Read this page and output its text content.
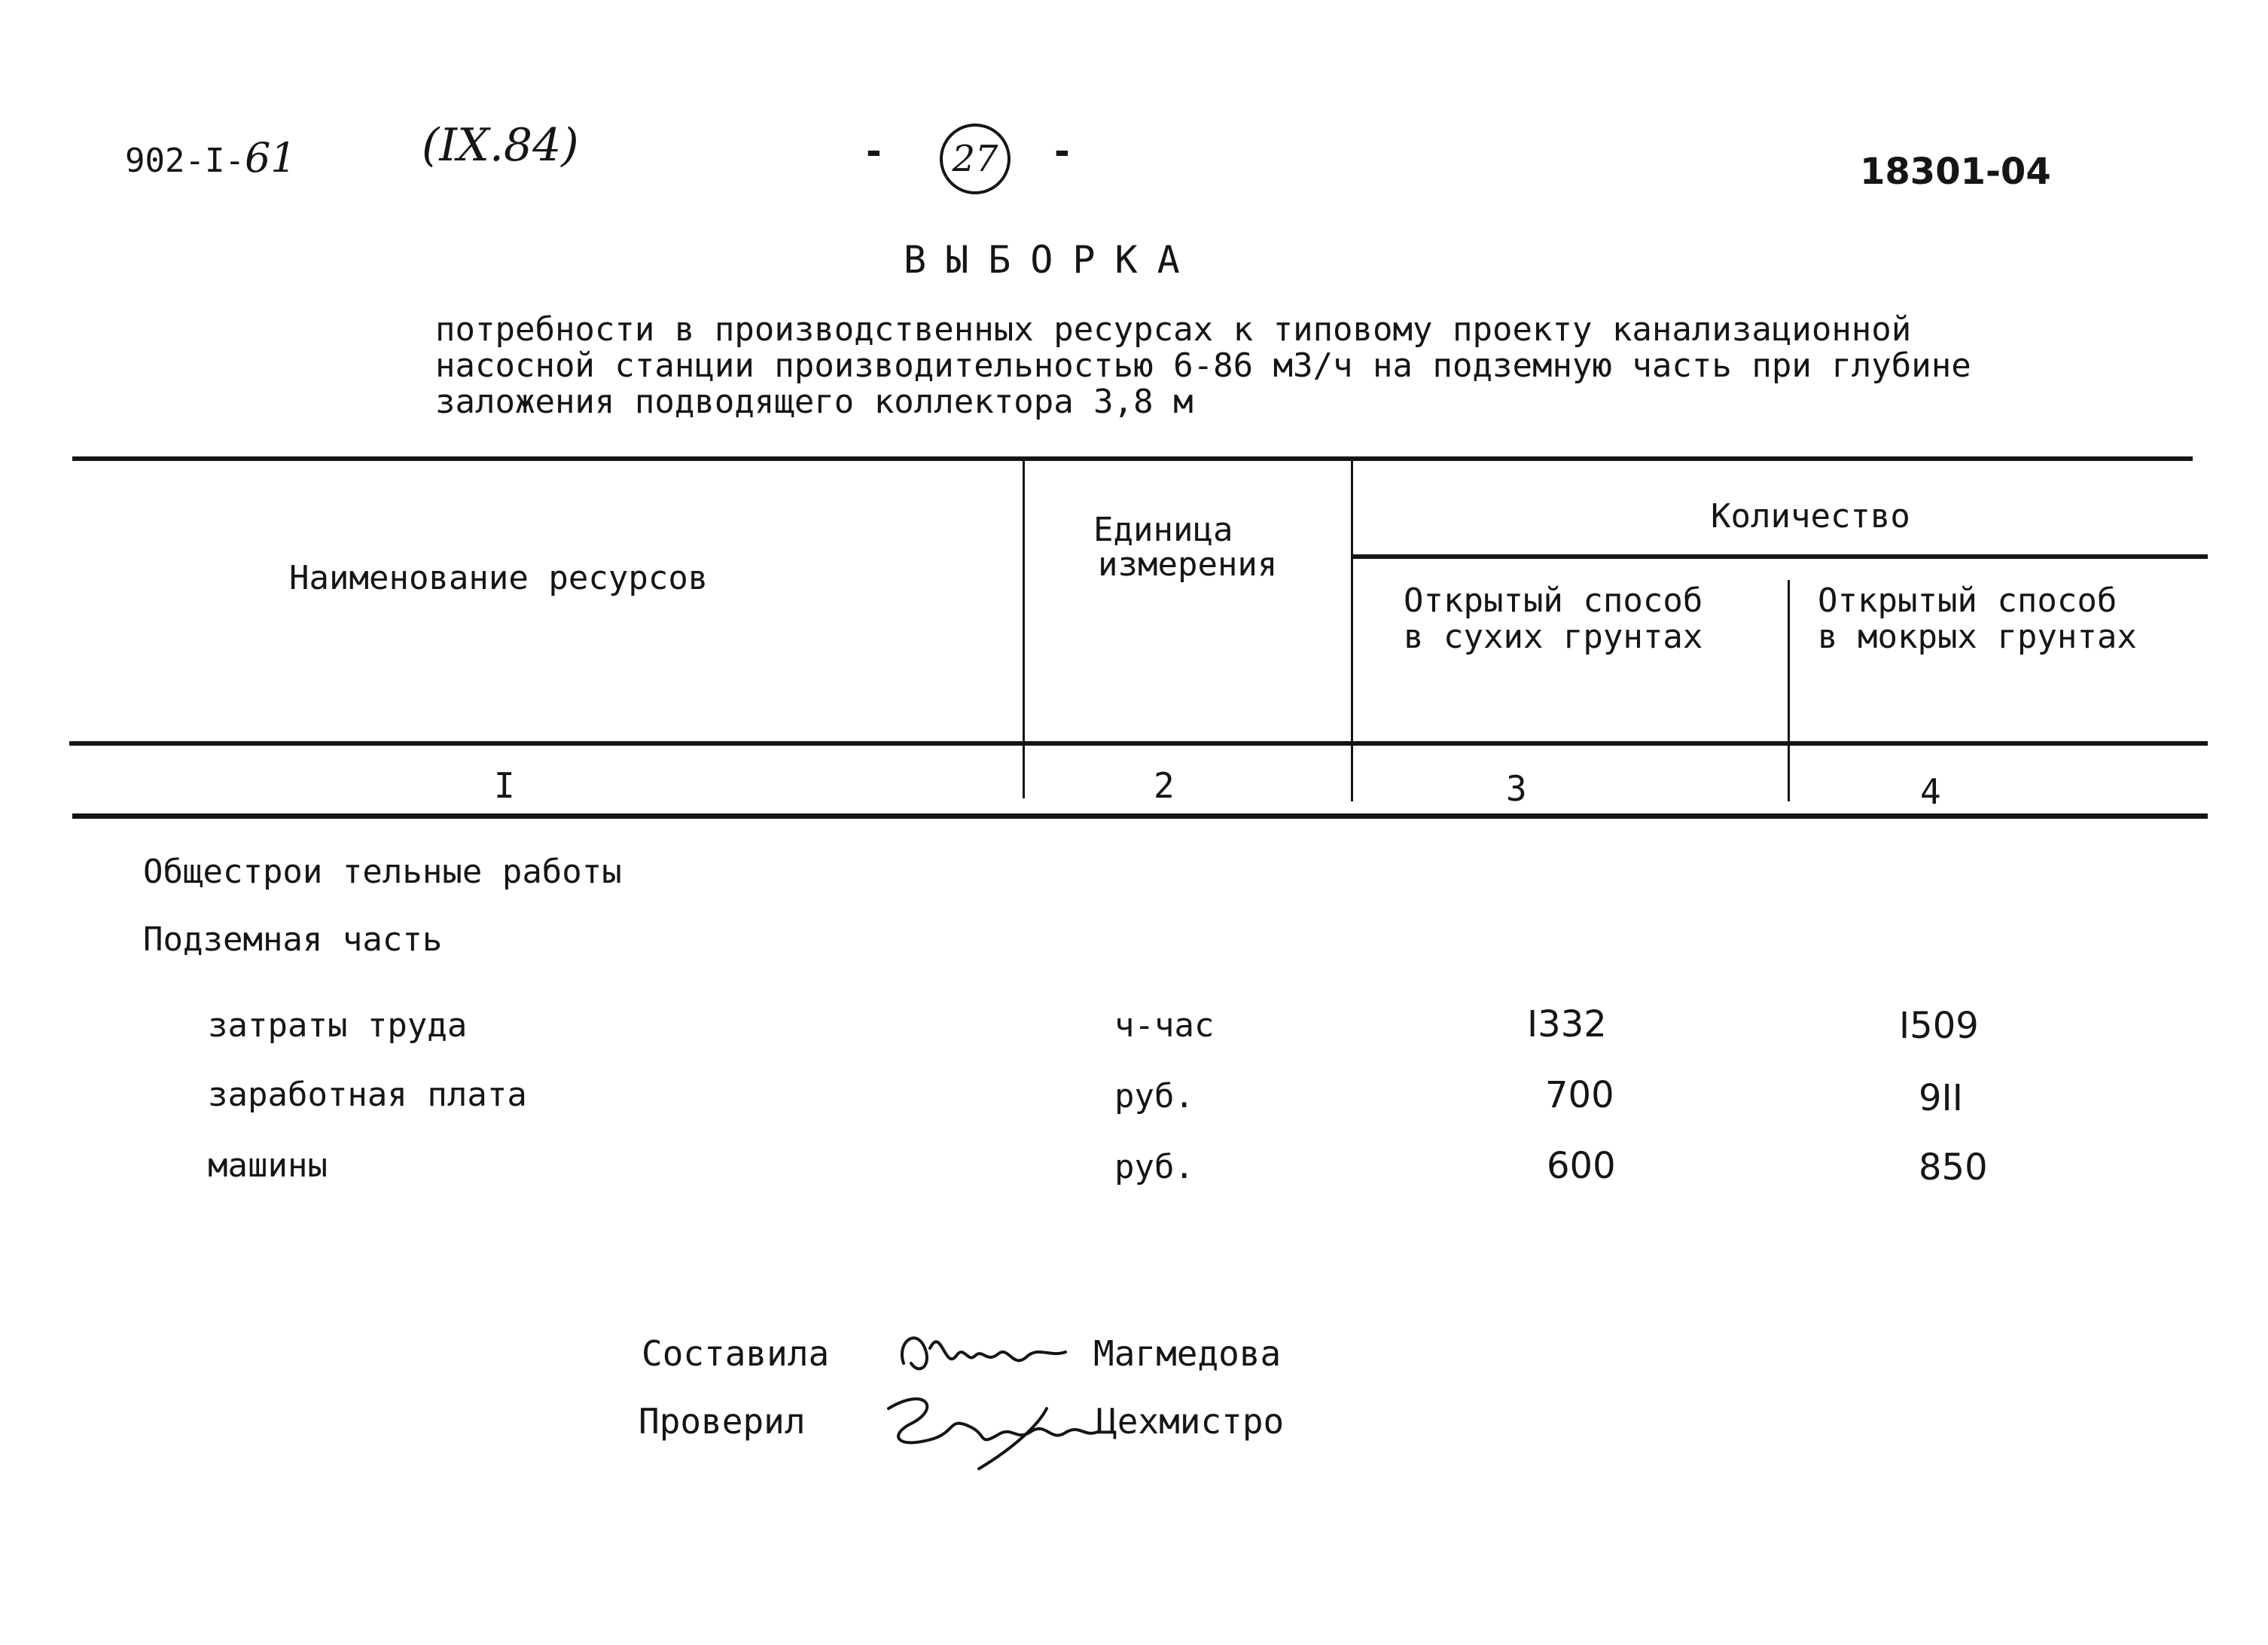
902-I-61	(IX.84)	-	27	-	18301-04
ВЫБОРКА
потребности в производственных ресурсах к типовому проекту канализационной
насосной станции производительностью 6-86 м3/ч на подземную часть при глубине
заложения подводящего коллектора 3,8 м
Наименование ресурсов
Единица
измерения
Количество
Открытый способ
в сухих грунтах
Открытый способ
в мокрых грунтах
I	2	3	4
Общестрои тельные работы
Подземная часть
затраты труда	ч-час	I332	I509
заработная плата	руб.	700	9II
машины	руб.	600	850
Составила	Магмедова
Проверил	Цехмистро
